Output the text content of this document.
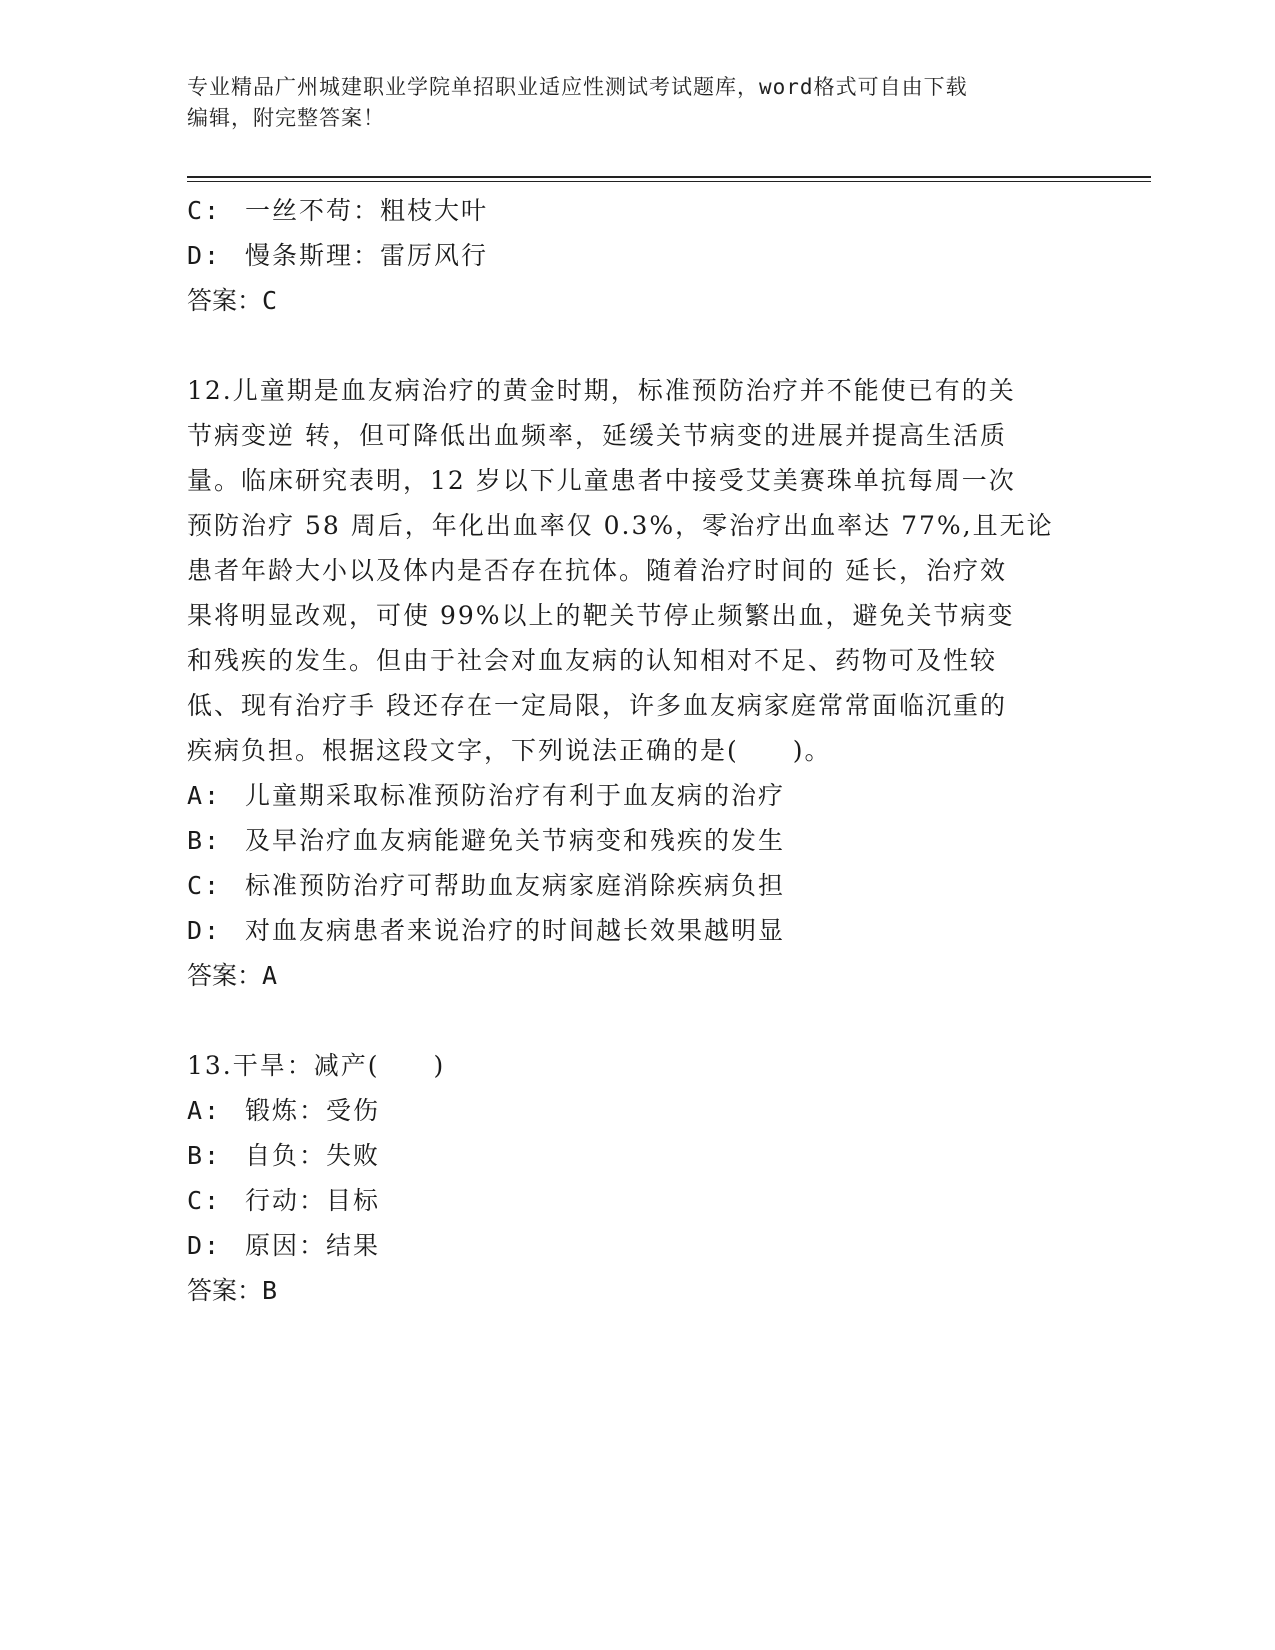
专业精品广州城建职业学院单招职业适应性测试考试题库，word格式可自由下载
编辑，附完整答案！
C: 一丝不苟：粗枝大叶
D: 慢条斯理：雷厉风行
答案：C
12.儿童期是血友病治疗的黄金时期，标准预防治疗并不能使已有的关
节病变逆 转，但可降低出血频率，延缓关节病变的进展并提高生活质
量。临床研究表明，12 岁以下儿童患者中接受艾美赛珠单抗每周一次
预防治疗 58 周后，年化出血率仅 0.3%，零治疗出血率达 77%,且无论
患者年龄大小以及体内是否存在抗体。随着治疗时间的 延长，治疗效
果将明显改观，可使 99%以上的靶关节停止频繁出血，避免关节病变
和残疾的发生。但由于社会对血友病的认知相对不足、药物可及性较
低、现有治疗手 段还存在一定局限，许多血友病家庭常常面临沉重的
疾病负担。根据这段文字，下列说法正确的是(　　)。
A: 儿童期采取标准预防治疗有利于血友病的治疗
B: 及早治疗血友病能避免关节病变和残疾的发生
C: 标准预防治疗可帮助血友病家庭消除疾病负担
D: 对血友病患者来说治疗的时间越长效果越明显
答案：A
13.干旱：减产(　　)
A: 锻炼：受伤
B: 自负：失败
C: 行动：目标
D: 原因：结果
答案：B
